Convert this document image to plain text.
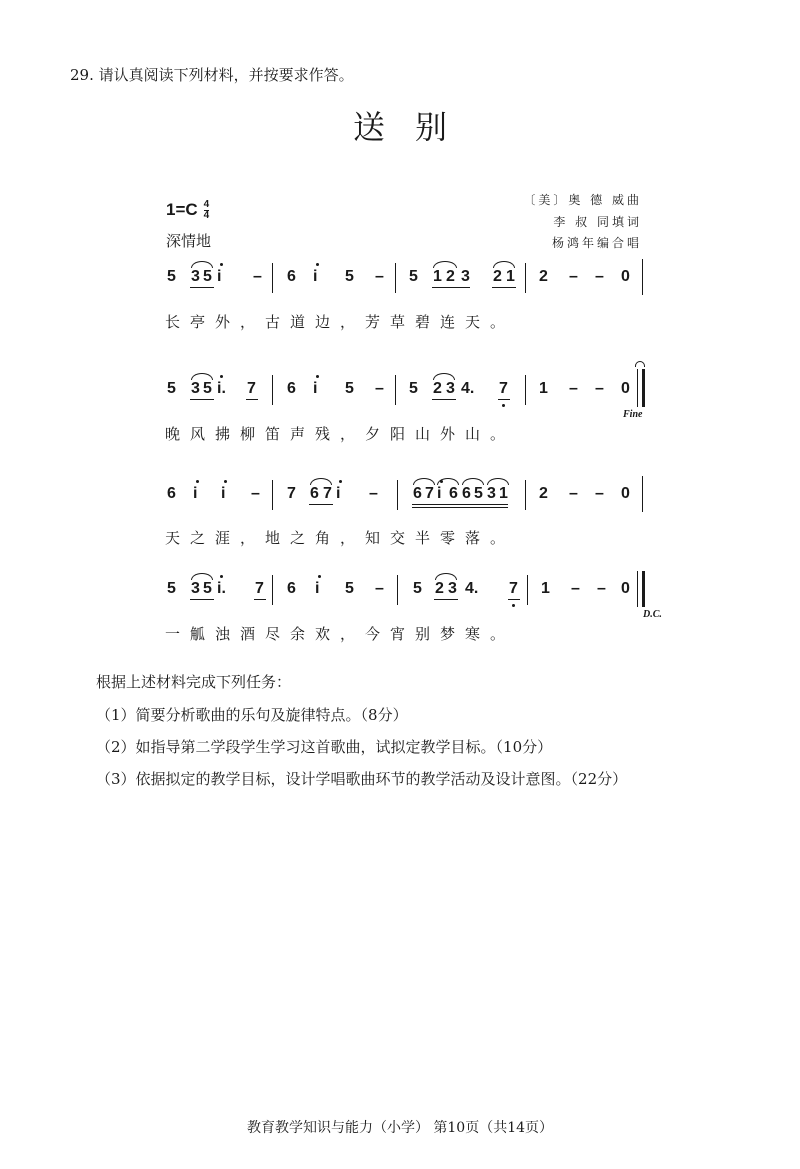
29. 请认真阅读下列材料，并按要求作答。
送别
$1=C \frac{4}{4}$
深情地
〔美〕奥 德 威曲
李 叔 同填词
杨鸿年编合唱
5 3 5 i – 6 i 5 – 5 1 2 3 2 1 2 – – 0
长亭外，古道边，芳草碧连天。
5 3 5 i. 7 6 i 5 – 5 2 3 4. 7 1 – – 0
Fine
晚风拂柳笛声残，夕阳山外山。
6 i i – 7 6 7 i – 6 7 i 6 6 5 3 1 2 – – 0
天之涯，地之角，知交半零落。
5 3 5 i. 7 6 i 5 – 5 2 3 4. 7 1 – – 0
D.C.
一觚浊酒尽余欢，今宵别梦寒。
根据上述材料完成下列任务：
（1）简要分析歌曲的乐句及旋律特点。（8分）
（2）如指导第二学段学生学习这首歌曲，试拟定教学目标。（10分）
（3）依据拟定的教学目标，设计学唱歌曲环节的教学活动及设计意图。（22分）
教育教学知识与能力（小学） 第10页（共14页）
